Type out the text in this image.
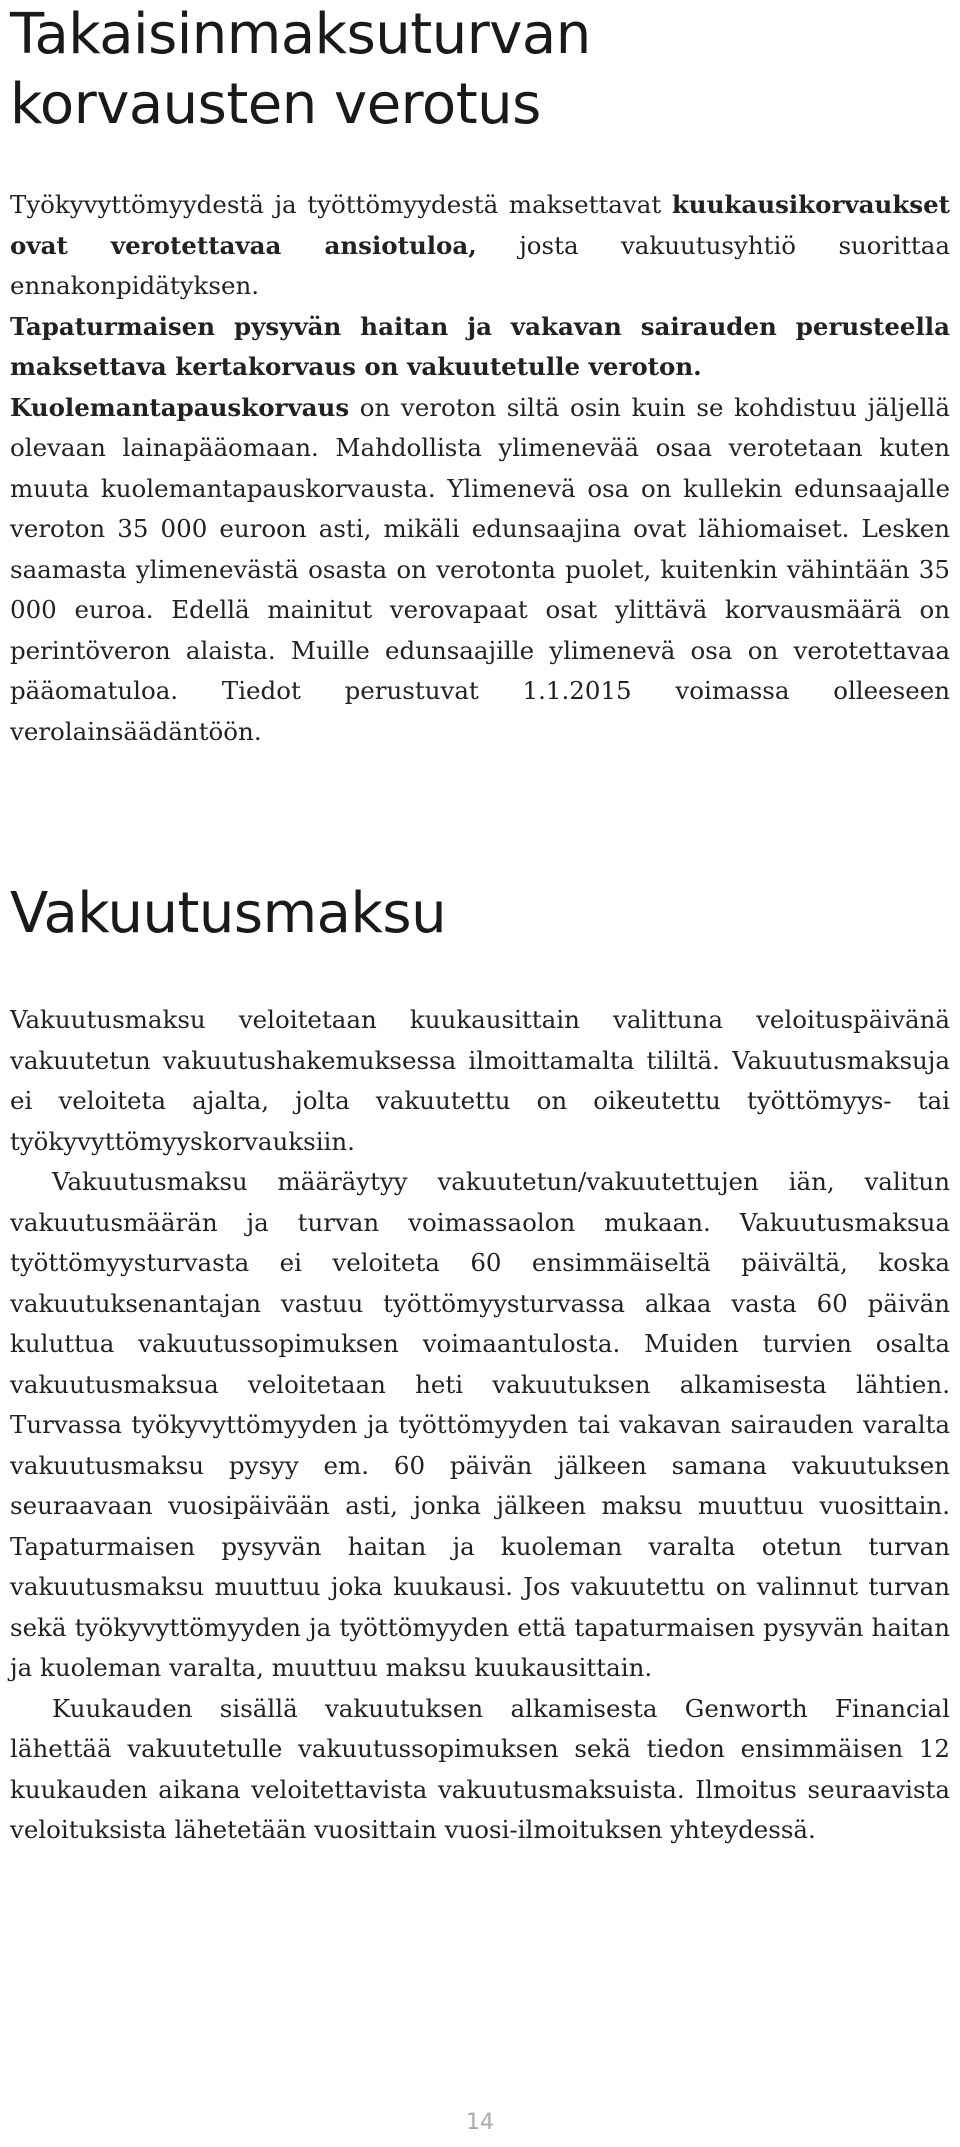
Takaisinmaksuturvan korvausten verotus

Työkyvyttömyydestä ja työttömyydestä maksettavat kuukausikorvaukset ovat verotettavaa ansiotuloa, josta vakuutusyhtiö suorittaa ennakonpidätyksen.

Tapaturmaisen pysyvän haitan ja vakavan sairauden perusteella maksettava kertakorvaus on vakuutetulle veroton.

Kuolemantapauskorvaus on veroton siltä osin kuin se kohdistuu jäljellä olevaan lainapääomaan. Mahdollista ylimenevää osaa verotetaan kuten muuta kuolemantapauskorvausta. Ylimenevä osa on kullekin edunsaajalle veroton 35 000 euroon asti, mikäli edunsaajina ovat lähiomaiset. Lesken saamasta ylimenevästä osasta on verotonta puolet, kuitenkin vähintään 35 000 euroa. Edellä mainitut verovapaat osat ylittävä korvausmäärä on perintöveron alaista. Muille edunsaajille ylimenevä osa on verotettavaa pääomatuloa. Tiedot perustuvat 1.1.2015 voimassa olleeseen verolainsäädäntöön.

Vakuutusmaksu

Vakuutusmaksu veloitetaan kuukausittain valittuna veloituspäivänä vakuutetun vakuutushakemuksessa ilmoittamalta tililtä. Vakuutusmaksuja ei veloiteta ajalta, jolta vakuutettu on oikeutettu työttömyys- tai työkyvyttömyyskorvauksiin.

Vakuutusmaksu määräytyy vakuutetun/vakuutettujen iän, valitun vakuutusmäärän ja turvan voimassaolon mukaan. Vakuutusmaksua työttömyysturvasta ei veloiteta 60 ensimmäiseltä päivältä, koska vakuutuksenantajan vastuu työttömyysturvassa alkaa vasta 60 päivän kuluttua vakuutussopimuksen voimaantulosta. Muiden turvien osalta vakuutusmaksua veloitetaan heti vakuutuksen alkamisesta lähtien. Turvassa työkyvyttömyyden ja työttömyyden tai vakavan sairauden varalta vakuutusmaksu pysyy em. 60 päivän jälkeen samana vakuutuksen seuraavaan vuosipäivään asti, jonka jälkeen maksu muuttuu vuosittain. Tapaturmaisen pysyvän haitan ja kuoleman varalta otetun turvan vakuutusmaksu muuttuu joka kuukausi. Jos vakuutettu on valinnut turvan sekä työkyvyttömyyden ja työttömyyden että tapaturmaisen pysyvän haitan ja kuoleman varalta, muuttuu maksu kuukausittain.

Kuukauden sisällä vakuutuksen alkamisesta Genworth Financial lähettää vakuutetulle vakuutussopimuksen sekä tiedon ensimmäisen 12 kuukauden aikana veloitettavista vakuutusmaksuista. Ilmoitus seuraavista veloituksista lähetetään vuosittain vuosi-ilmoituksen yhteydessä.

14
